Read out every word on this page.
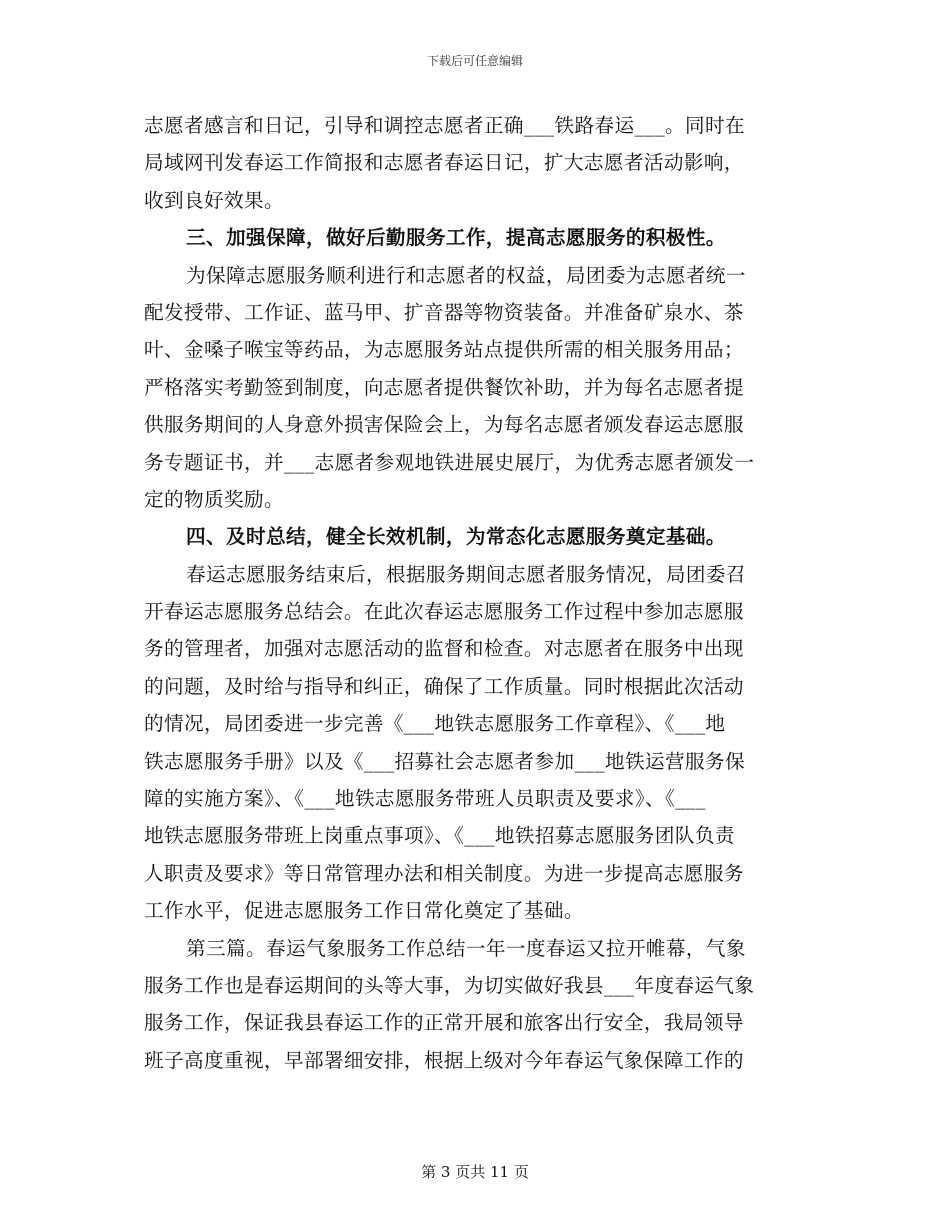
下载后可任意编辑
志愿者感言和日记，引导和调控志愿者正确___铁路春运___。同时在
局域网刊发春运工作简报和志愿者春运日记，扩大志愿者活动影响，
收到良好效果。
三、加强保障，做好后勤服务工作，提高志愿服务的积极性。
为保障志愿服务顺利进行和志愿者的权益，局团委为志愿者统一
配发授带、工作证、蓝马甲、扩音器等物资装备。并准备矿泉水、茶
叶、金嗓子喉宝等药品，为志愿服务站点提供所需的相关服务用品；
严格落实考勤签到制度，向志愿者提供餐饮补助，并为每名志愿者提
供服务期间的人身意外损害保险会上，为每名志愿者颁发春运志愿服
务专题证书，并___志愿者参观地铁进展史展厅，为优秀志愿者颁发一
定的物质奖励。
四、及时总结，健全长效机制，为常态化志愿服务奠定基础。
春运志愿服务结束后，根据服务期间志愿者服务情况，局团委召
开春运志愿服务总结会。在此次春运志愿服务工作过程中参加志愿服
务的管理者，加强对志愿活动的监督和检查。对志愿者在服务中出现
的问题，及时给与指导和纠正，确保了工作质量。同时根据此次活动
的情况，局团委进一步完善《___地铁志愿服务工作章程》、《___地
铁志愿服务手册》以及《___招募社会志愿者参加___地铁运营服务保
障的实施方案》、《___地铁志愿服务带班人员职责及要求》、《___
地铁志愿服务带班上岗重点事项》、《___地铁招募志愿服务团队负责
人职责及要求》等日常管理办法和相关制度。为进一步提高志愿服务
工作水平，促进志愿服务工作日常化奠定了基础。
第三篇。春运气象服务工作总结一年一度春运又拉开帷幕，气象
服务工作也是春运期间的头等大事，为切实做好我县___年度春运气象
服务工作，保证我县春运工作的正常开展和旅客出行安全，我局领导
班子高度重视，早部署细安排，根据上级对今年春运气象保障工作的
第 3 页共 11 页
